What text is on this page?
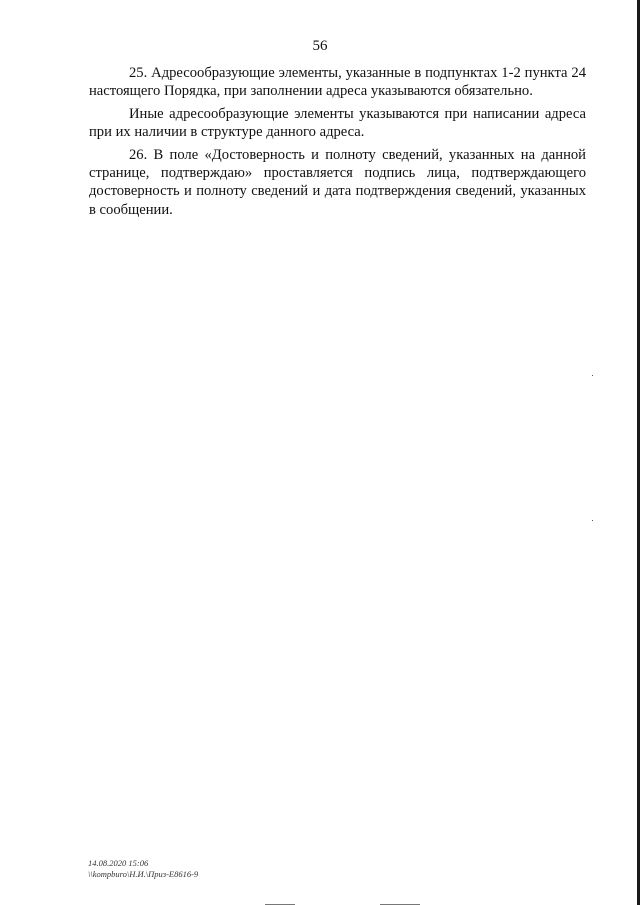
56

25. Адресообразующие элементы, указанные в подпунктах 1-2 пункта 24 настоящего Порядка, при заполнении адреса указываются обязательно.

Иные адресообразующие элементы указываются при написании адреса при их наличии в структуре данного адреса.

26. В поле «Достоверность и полноту сведений, указанных на данной странице, подтверждаю» проставляется подпись лица, подтверждающего достоверность и полноту сведений и дата подтверждения сведений, указанных в сообщении.

14.08.2020 15:06
\\kompburo\Н.И.\Приз-Е8616-9
